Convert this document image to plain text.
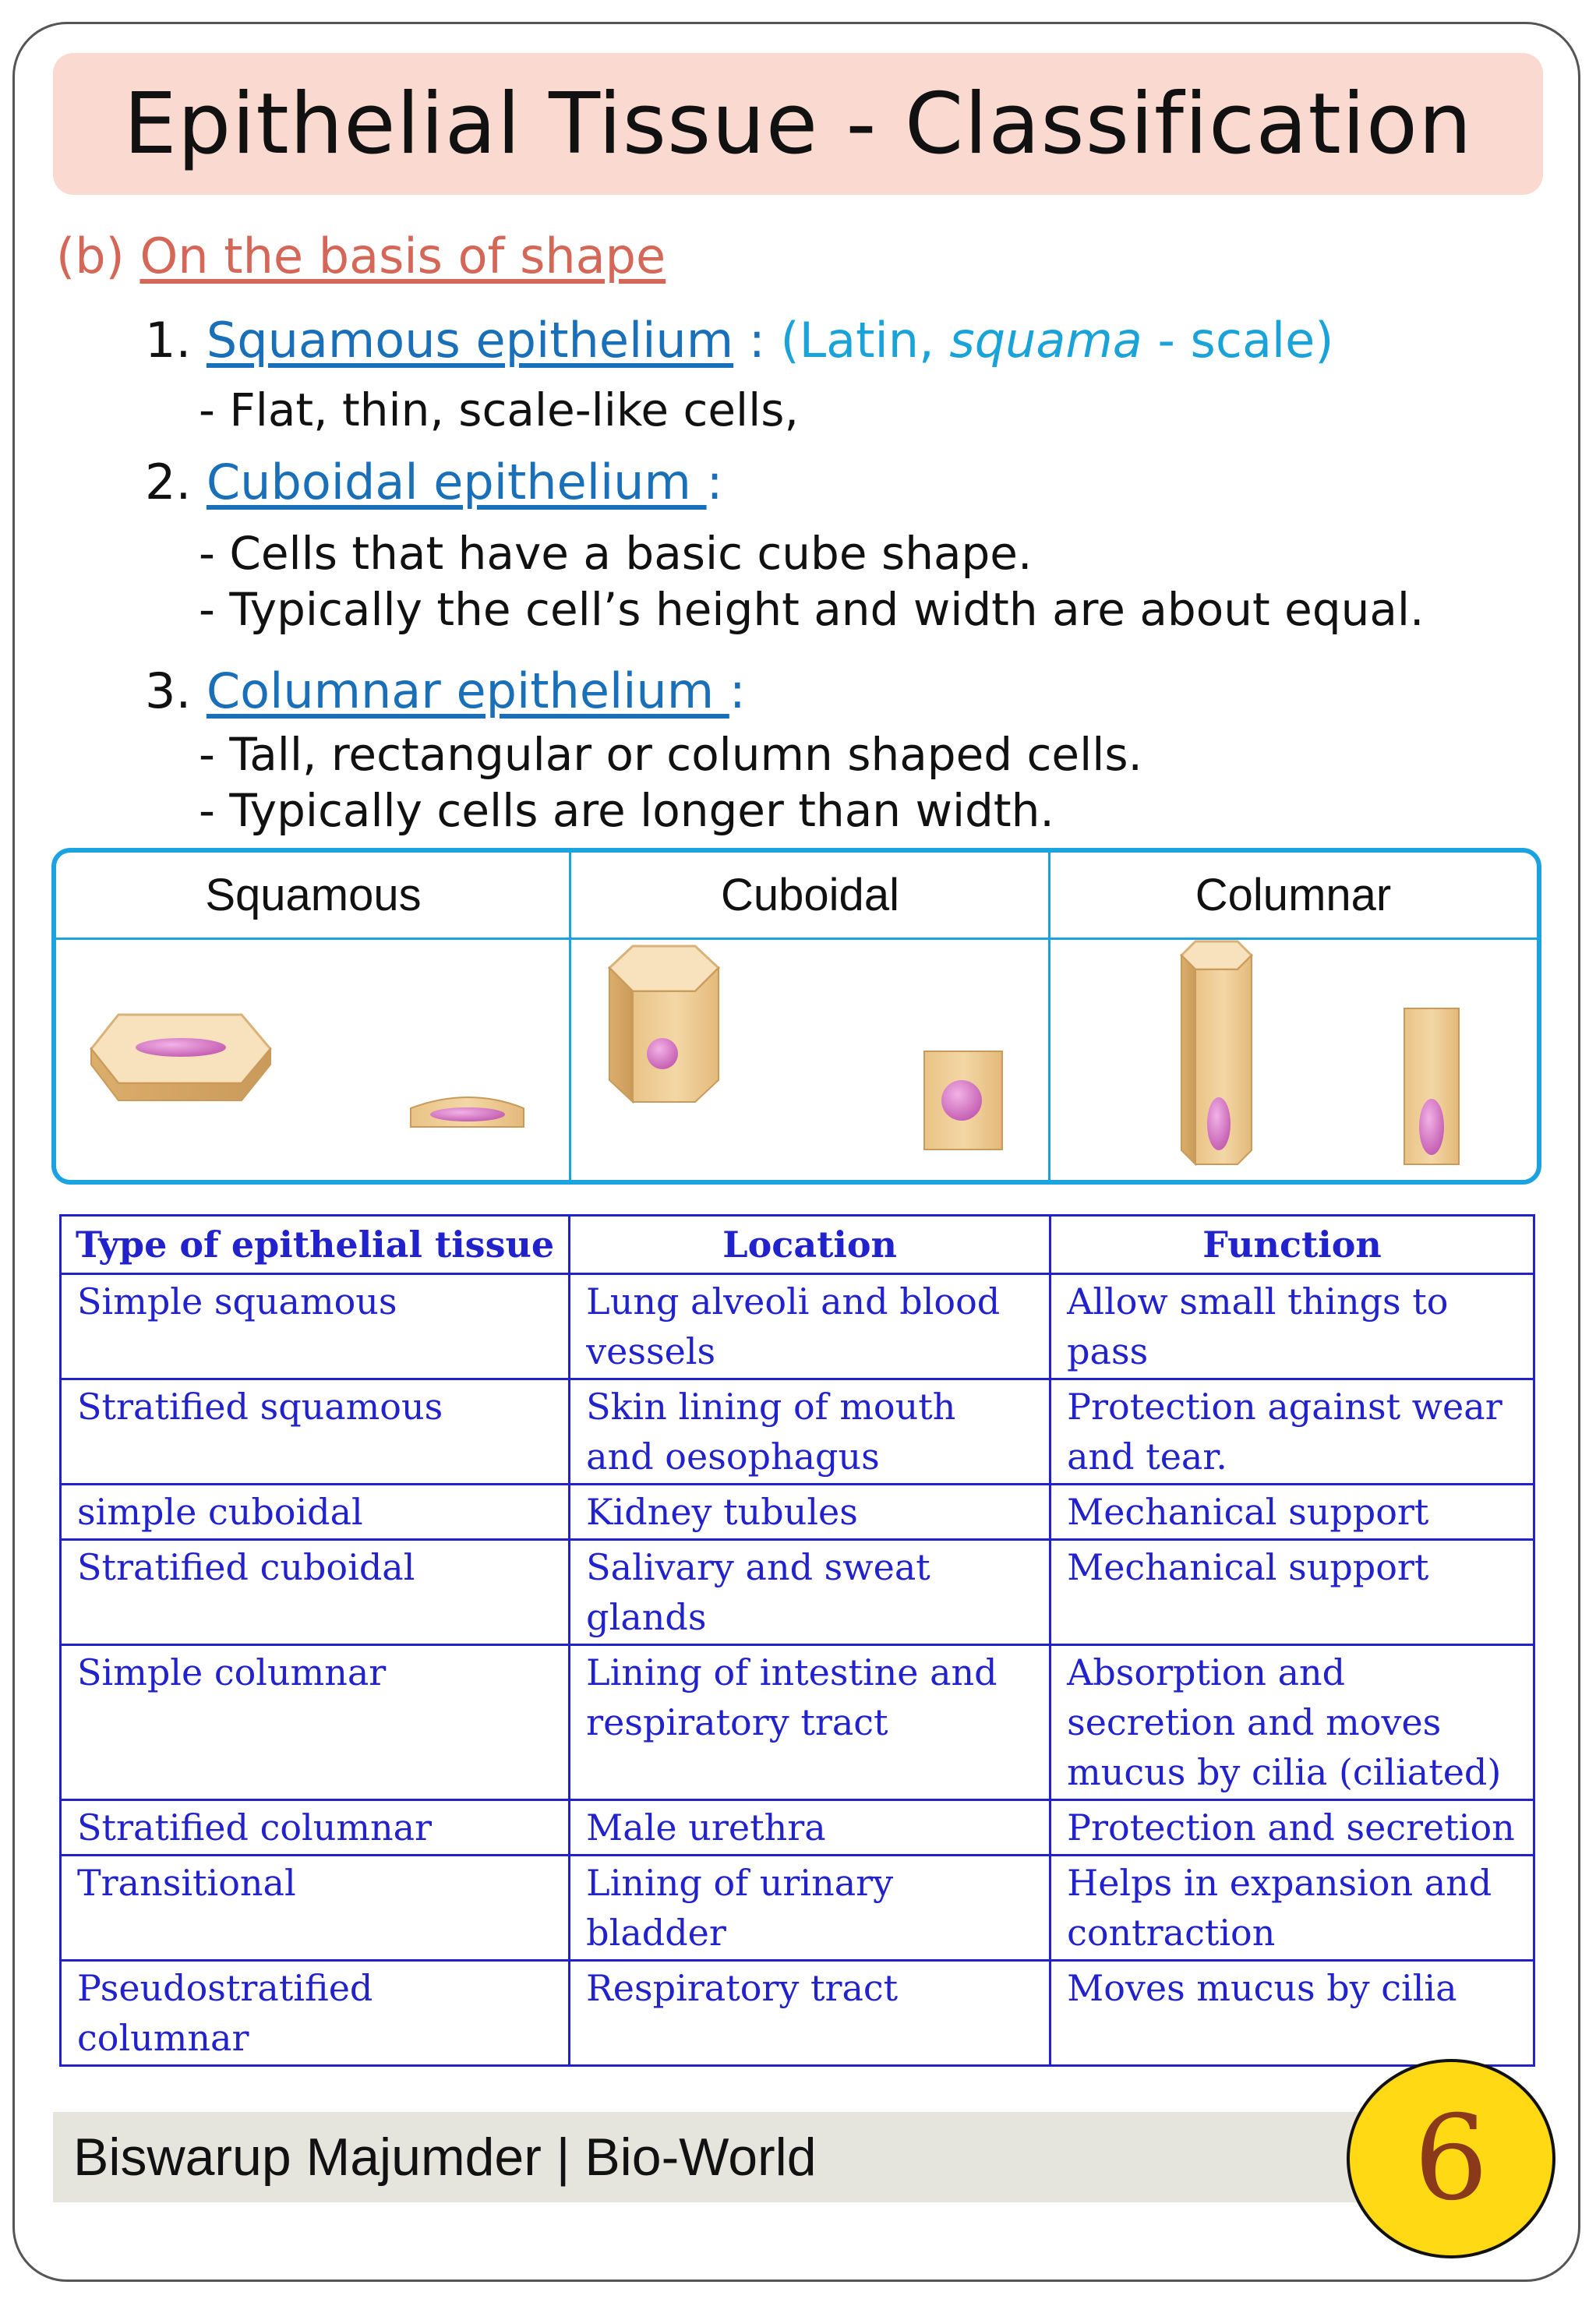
Epithelial Tissue - Classification
(b) On the basis of shape
1. Squamous epithelium : (Latin, squama - scale)
- Flat, thin, scale-like cells,
2. Cuboidal epithelium :
- Cells that have a basic cube shape.
- Typically the cell’s height and width are about equal.
3. Columnar epithelium :
- Tall, rectangular or column shaped cells.
- Typically cells are longer than width.
Squamous	Cuboidal	Columnar
Type of epithelial tissue	Location	Function
Simple squamous	Lung alveoli and blood vessels	Allow small things to pass
Stratified squamous	Skin lining of mouth and oesophagus	Protection against wear and tear.
simple cuboidal	Kidney tubules	Mechanical support
Stratified cuboidal	Salivary and sweat glands	Mechanical support
Simple columnar	Lining of intestine and respiratory tract	Absorption and secretion and moves mucus by cilia (ciliated)
Stratified columnar	Male urethra	Protection and secretion
Transitional	Lining of urinary bladder	Helps in expansion and contraction
Pseudostratified columnar	Respiratory tract	Moves mucus by cilia
Biswarup Majumder | Bio-World	6
